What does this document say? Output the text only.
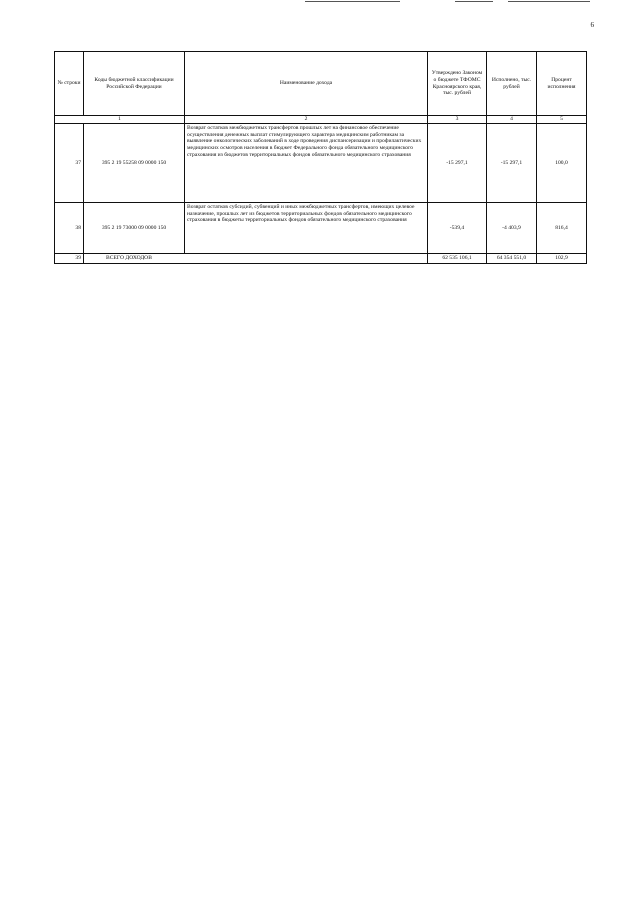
6
№ строки	Коды бюджетной классификации Российской Федерации	Наименование дохода	Утверждено Законом о бюджете ТФОМС Красноярского края, тыс. рублей	Исполнено, тыс. рублей	Процент исполнения
1		2	3	4	5
37	395 2 19 55258 09 0000 150	Возврат остатков межбюджетных трансфертов прошлых лет на финансовое обеспечение осуществления денежных выплат стимулирующего характера медицинским работникам за выявление онкологических заболеваний в ходе проведения диспансеризации и профилактических медицинских осмотров населения в бюджет Федерального фонда обязательного медицинского страхования из бюджетов территориальных фондов обязательного медицинского страхования	-15 297,1	-15 297,1	100,0
38	395 2 19 73000 09 0000 150	Возврат остатков субсидий, субвенций и иных межбюджетных трансфертов, имеющих целевое назначение, прошлых лет из бюджетов территориальных фондов обязательного медицинского страхования в бюджеты территориальных фондов обязательного медицинского страхования	-539,4	-4 403,9	816,4
39	ВСЕГО ДОХОДОВ		62 535 106,1	64 354 551,0	102,9
